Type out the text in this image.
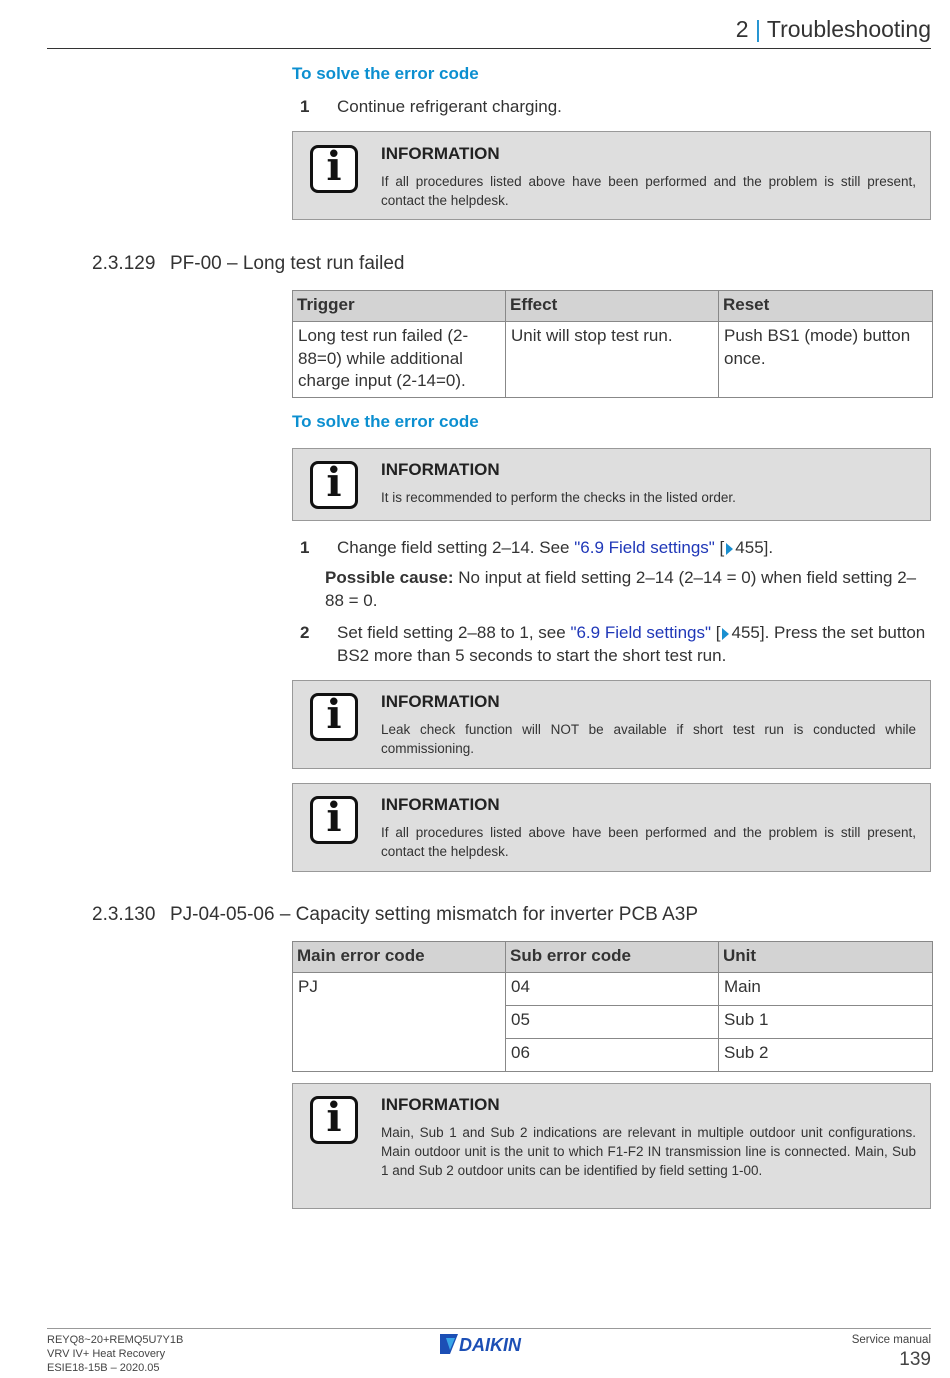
2 | Troubleshooting
To solve the error code
1 Continue refrigerant charging.
i	INFORMATION
If all procedures listed above have been performed and the problem is still present, contact the helpdesk.
2.3.129 PF-00 – Long test run failed
Trigger	Effect	Reset
Long test run failed (2-88=0) while additional charge input (2-14=0).	Unit will stop test run.	Push BS1 (mode) button once.
To solve the error code
i	INFORMATION
It is recommended to perform the checks in the listed order.
1 Change field setting 2–14. See "6.9 Field settings" [ 455].
Possible cause: No input at field setting 2–14 (2–14 = 0) when field setting 2–88 = 0.
2 Set field setting 2–88 to 1, see "6.9 Field settings" [ 455]. Press the set button BS2 more than 5 seconds to start the short test run.
i	INFORMATION
Leak check function will NOT be available if short test run is conducted while commissioning.
i	INFORMATION
If all procedures listed above have been performed and the problem is still present, contact the helpdesk.
2.3.130 PJ-04-05-06 – Capacity setting mismatch for inverter PCB A3P
Main error code	Sub error code	Unit
PJ	04	Main
	05	Sub 1
	06	Sub 2
i	INFORMATION
Main, Sub 1 and Sub 2 indications are relevant in multiple outdoor unit configurations. Main outdoor unit is the unit to which F1-F2 IN transmission line is connected. Main, Sub 1 and Sub 2 outdoor units can be identified by field setting 1-00.
REYQ8~20+REMQ5U7Y1B
VRV IV+ Heat Recovery
ESIE18-15B – 2020.05
DAIKIN	Service manual
139
